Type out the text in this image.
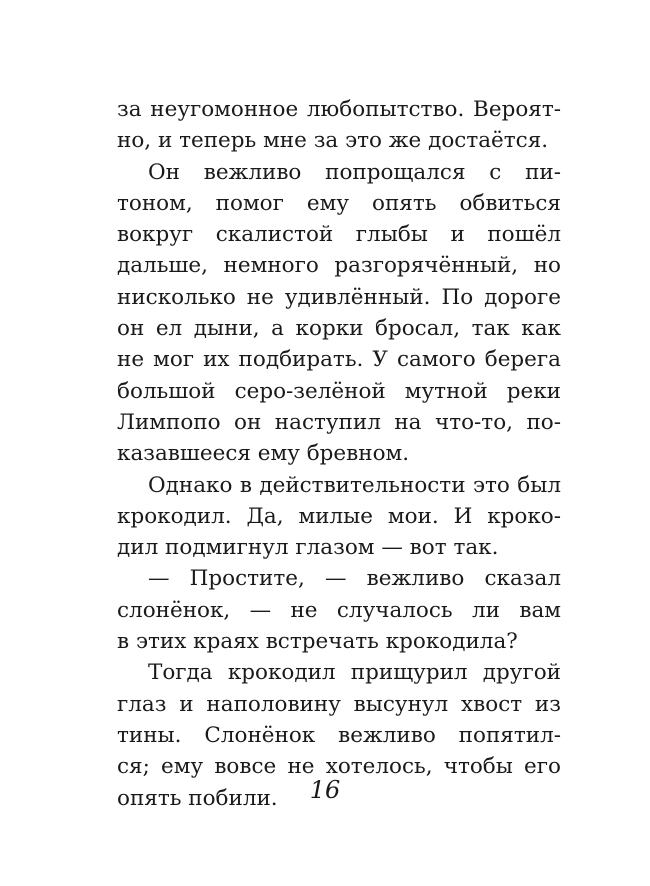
за неугомонное любопытство. Вероят-
но, и теперь мне за это же достаётся.
Он вежливо попрощался с пи-
тоном, помог ему опять обвиться
вокруг скалистой глыбы и пошёл
дальше, немного разгорячённый, но
нисколько не удивлённый. По дороге
он ел дыни, а корки бросал, так как
не мог их подбирать. У самого берега
большой серо-зелёной мутной реки
Лимпопо он наступил на что-то, по-
казавшееся ему бревном.
Однако в действительности это был
крокодил. Да, милые мои. И кроко-
дил подмигнул глазом — вот так.
— Простите, — вежливо сказал
слонёнок, — не случалось ли вам
в этих краях встречать крокодила?
Тогда крокодил прищурил другой
глаз и наполовину высунул хвост из
тины. Слонёнок вежливо попятил-
ся; ему вовсе не хотелось, чтобы его
опять побили.	16
